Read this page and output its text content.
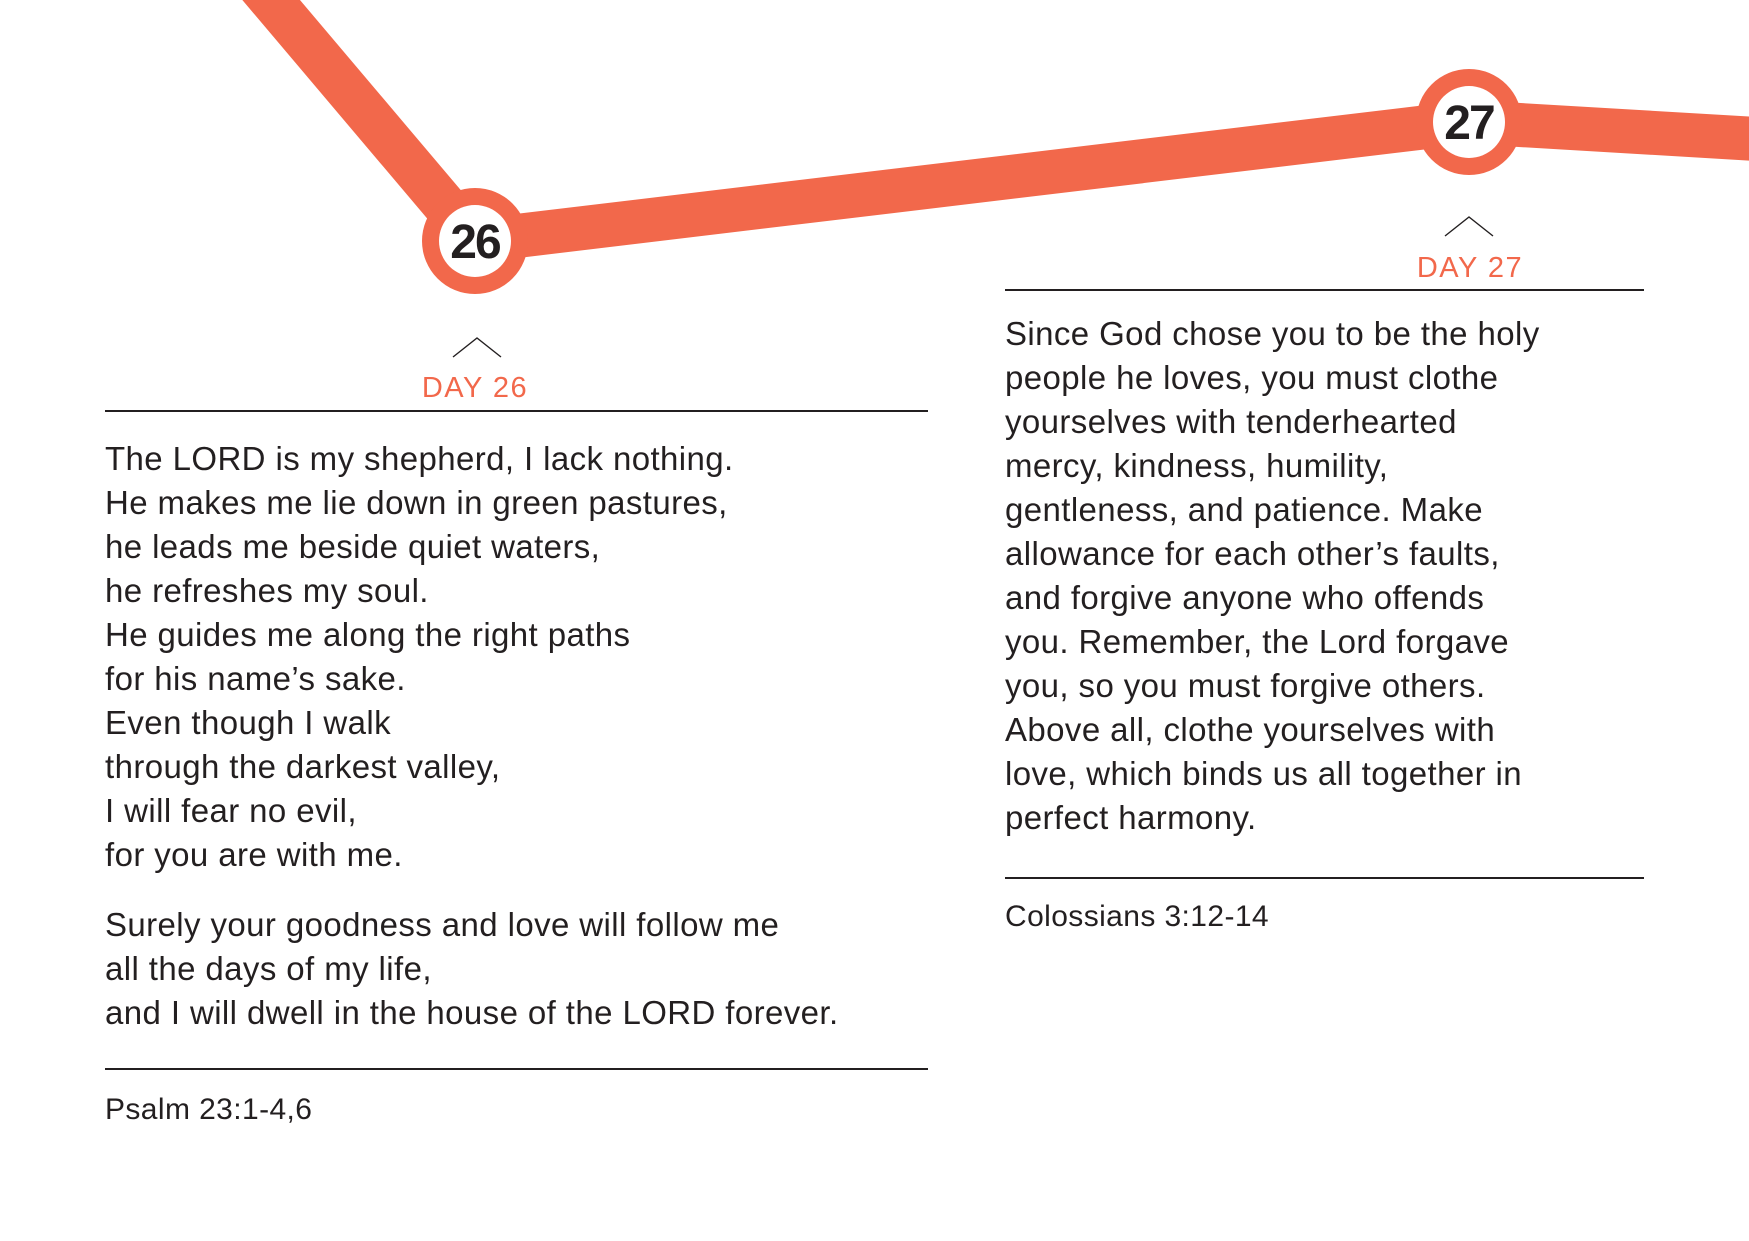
26
27
DAY 26
The LORD is my shepherd, I lack nothing.
He makes me lie down in green pastures,
he leads me beside quiet waters,
he refreshes my soul.
He guides me along the right paths
for his name’s sake.
Even though I walk
through the darkest valley,
I will fear no evil,
for you are with me.
Surely your goodness and love will follow me
all the days of my life,
and I will dwell in the house of the LORD forever.
Psalm 23:1-4,6
DAY 27
Since God chose you to be the holy
people he loves, you must clothe
yourselves with tenderhearted
mercy, kindness, humility,
gentleness, and patience. Make
allowance for each other’s faults,
and forgive anyone who offends
you. Remember, the Lord forgave
you, so you must forgive others.
Above all, clothe yourselves with
love, which binds us all together in
perfect harmony.
Colossians 3:12-14
